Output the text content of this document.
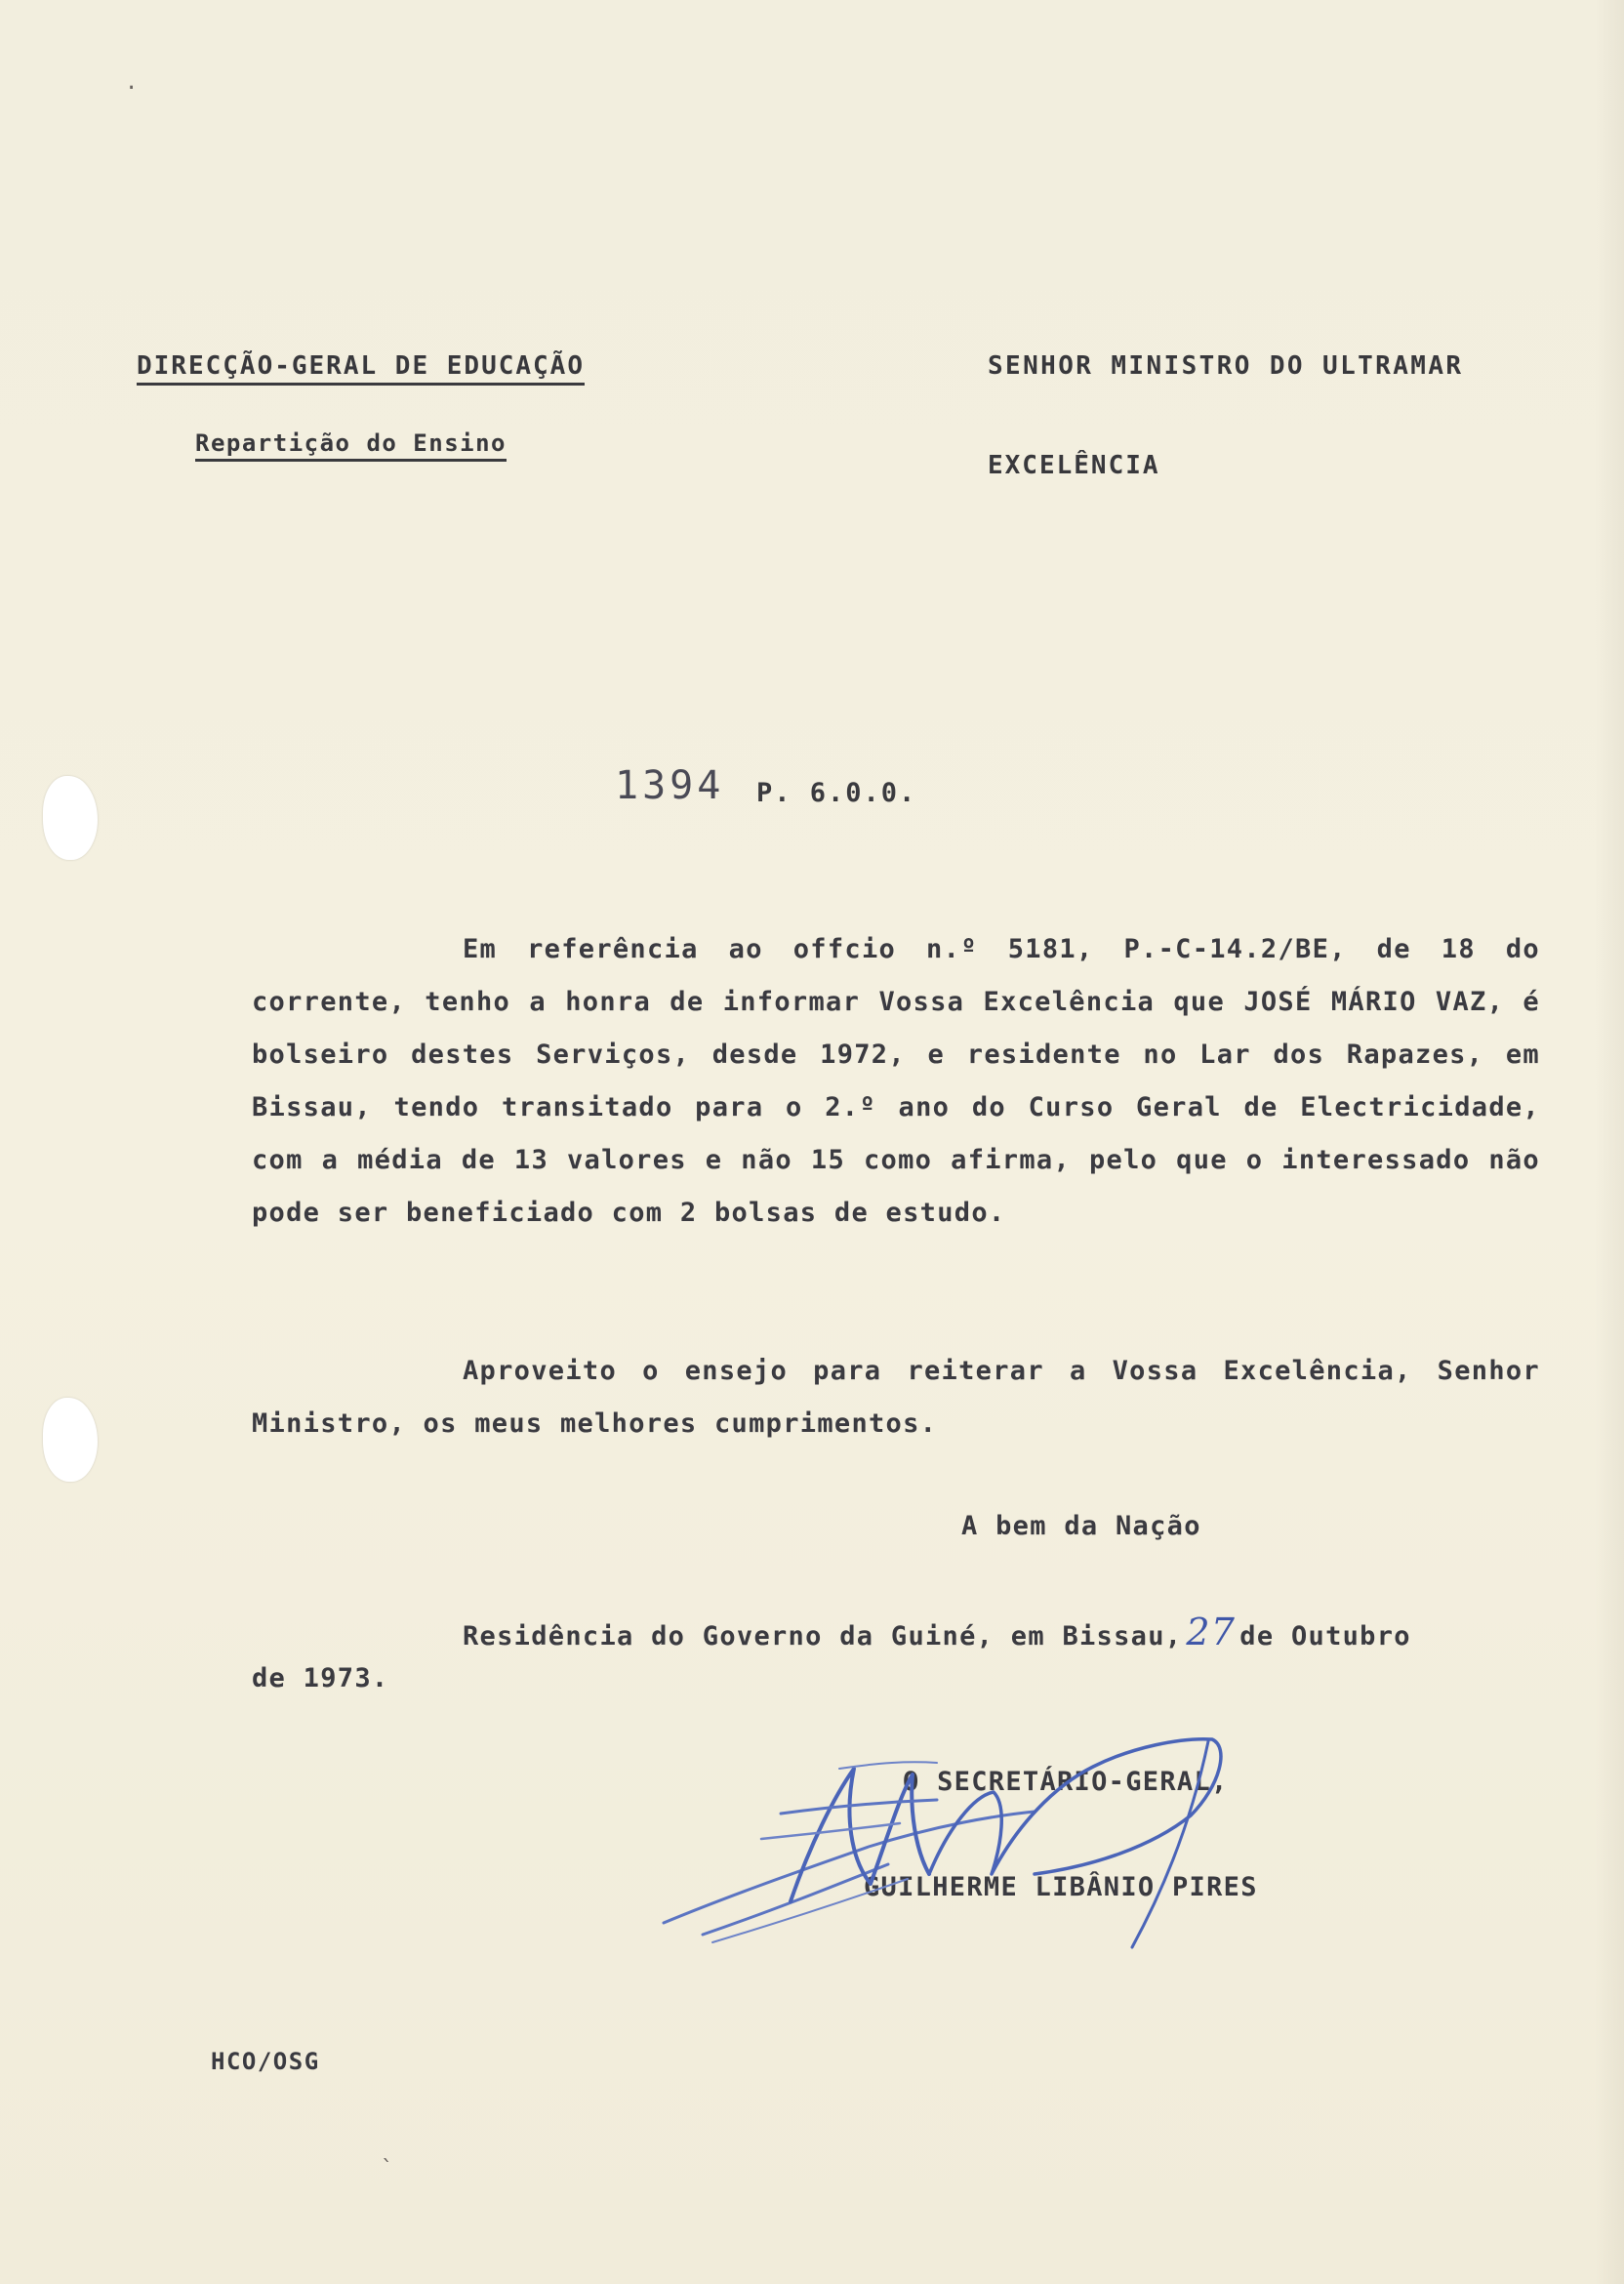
DIRECÇÃO-GERAL DE EDUCAÇÃO
Repartição do Ensino
SENHOR MINISTRO DO ULTRAMAR
EXCELÊNCIA
1394 P. 6.0.0.

Em referência ao offcio n.º 5181, P.-C-14.2/BE, de 18 do corrente, tenho a honra de informar Vossa Excelência que JOSÉ MÁRIO VAZ, é bolseiro destes Serviços, desde 1972, e residente no Lar dos Rapazes, em Bissau, tendo transitado para o 2.º ano do Curso Geral de Electricidade, com a média de 13 valores e não 15 como afirma, pelo que o interessado não pode ser beneficiado com 2 bolsas de estudo.

Aproveito o ensejo para reiterar a Vossa Excelência, Senhor Ministro, os meus melhores cumprimentos.

A bem da Nação
Residência do Governo da Guiné, em Bissau, 27 de Outubro
de 1973.
O SECRETÁRIO-GERAL,
GUILHERME LIBÂNIO PIRES
HCO/OSG
·
`
